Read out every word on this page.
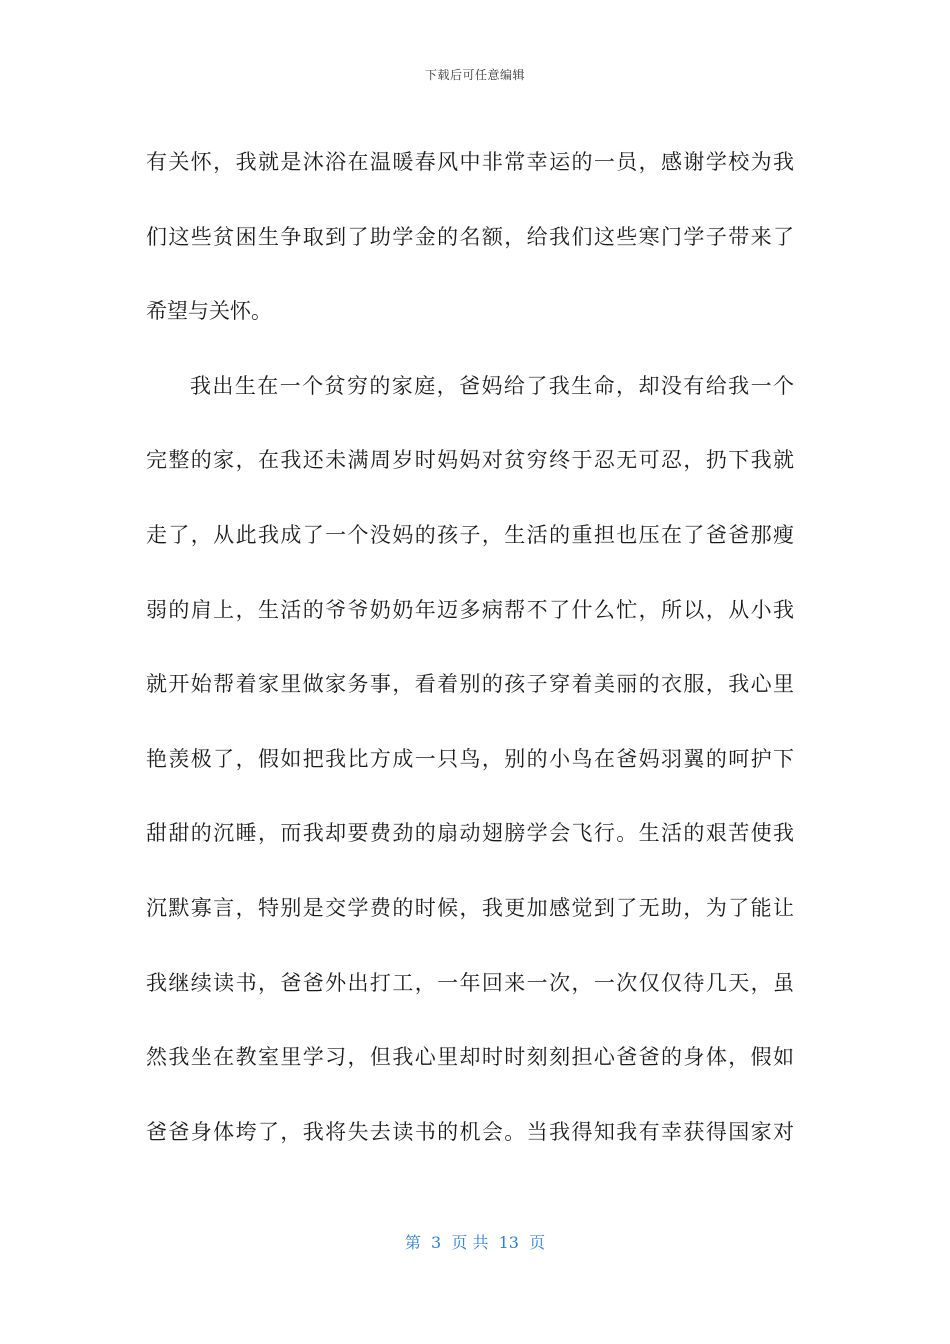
下载后可任意编辑
有关怀，我就是沐浴在温暖春风中非常幸运的一员，感谢学校为我
们这些贫困生争取到了助学金的名额，给我们这些寒门学子带来了
希望与关怀。
我出生在一个贫穷的家庭，爸妈给了我生命，却没有给我一个
完整的家，在我还未满周岁时妈妈对贫穷终于忍无可忍，扔下我就
走了，从此我成了一个没妈的孩子，生活的重担也压在了爸爸那瘦
弱的肩上，生活的爷爷奶奶年迈多病帮不了什么忙，所以，从小我
就开始帮着家里做家务事，看着别的孩子穿着美丽的衣服，我心里
艳羡极了，假如把我比方成一只鸟，别的小鸟在爸妈羽翼的呵护下
甜甜的沉睡，而我却要费劲的扇动翅膀学会飞行。生活的艰苦使我
沉默寡言，特别是交学费的时候，我更加感觉到了无助，为了能让
我继续读书，爸爸外出打工，一年回来一次，一次仅仅待几天，虽
然我坐在教室里学习，但我心里却时时刻刻担心爸爸的身体，假如
爸爸身体垮了，我将失去读书的机会。当我得知我有幸获得国家对
第  3  页 共  13  页
